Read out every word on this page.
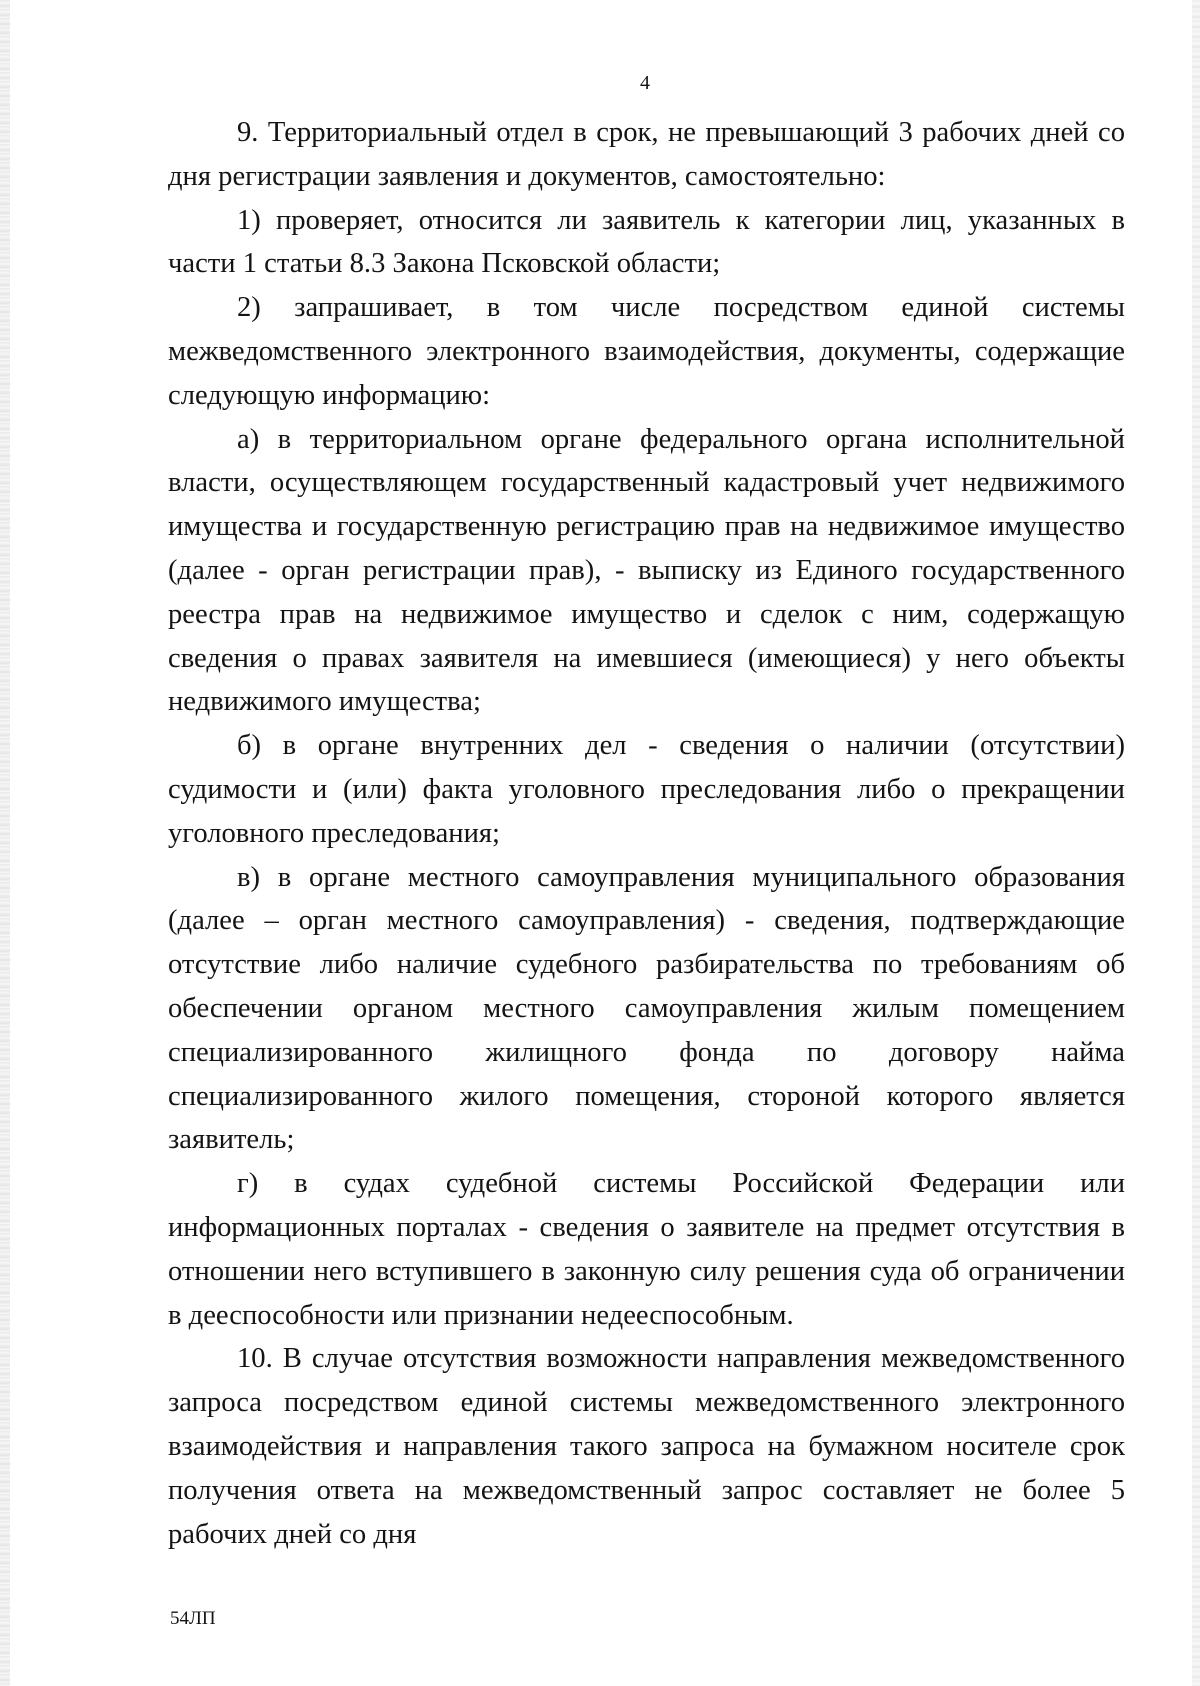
4

9. Территориальный отдел в срок, не превышающий 3 рабочих дней со дня регистрации заявления и документов, самостоятельно:

1) проверяет, относится ли заявитель к категории лиц, указанных в части 1 статьи 8.3 Закона Псковской области;

2) запрашивает, в том числе посредством единой системы межведомственного электронного взаимодействия, документы, содержащие следующую информацию:

а) в территориальном органе федерального органа исполнительной власти, осуществляющем государственный кадастровый учет недвижимого имущества и государственную регистрацию прав на недвижимое имущество (далее - орган регистрации прав), - выписку из Единого государственного реестра прав на недвижимое имущество и сделок с ним, содержащую сведения о правах заявителя на имевшиеся (имеющиеся) у него объекты недвижимого имущества;

б) в органе внутренних дел - сведения о наличии (отсутствии) судимости и (или) факта уголовного преследования либо о прекращении уголовного преследования;

в) в органе местного самоуправления муниципального образования (далее – орган местного самоуправления) - сведения, подтверждающие отсутствие либо наличие судебного разбирательства по требованиям об обеспечении органом местного самоуправления жилым помещением специализированного жилищного фонда по договору найма специализированного жилого помещения, стороной которого является заявитель;

г) в судах судебной системы Российской Федерации или информационных порталах - сведения о заявителе на предмет отсутствия в отношении него вступившего в законную силу решения суда об ограничении в дееспособности или признании недееспособным.

10. В случае отсутствия возможности направления межведомственного запроса посредством единой системы межведомственного электронного взаимодействия и направления такого запроса на бумажном носителе срок получения ответа на межведомственный запрос составляет не более 5 рабочих дней со дня

54ЛП
